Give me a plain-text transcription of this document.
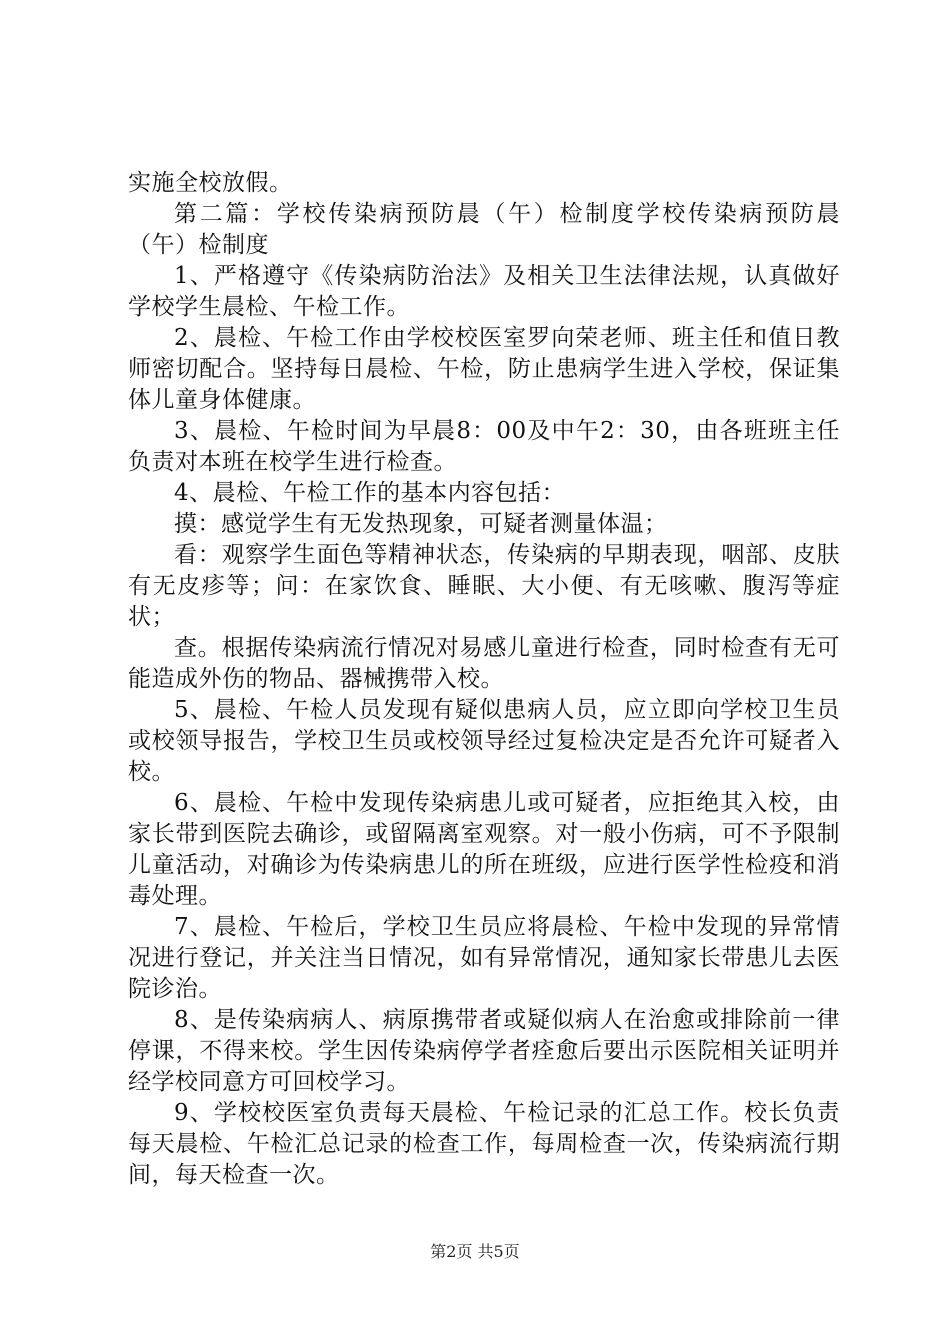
实施全校放假。

第二篇：学校传染病预防晨（午）检制度学校传染病预防晨（午）检制度

1、严格遵守《传染病防治法》及相关卫生法律法规，认真做好学校学生晨检、午检工作。

2、晨检、午检工作由学校校医室罗向荣老师、班主任和值日教师密切配合。坚持每日晨检、午检，防止患病学生进入学校，保证集体儿童身体健康。

3、晨检、午检时间为早晨8：00及中午2：30，由各班班主任负责对本班在校学生进行检查。

4、晨检、午检工作的基本内容包括：

摸：感觉学生有无发热现象，可疑者测量体温；

看：观察学生面色等精神状态，传染病的早期表现，咽部、皮肤有无皮疹等；问：在家饮食、睡眠、大小便、有无咳嗽、腹泻等症状；

查。根据传染病流行情况对易感儿童进行检查，同时检查有无可能造成外伤的物品、器械携带入校。

5、晨检、午检人员发现有疑似患病人员，应立即向学校卫生员或校领导报告，学校卫生员或校领导经过复检决定是否允许可疑者入校。

6、晨检、午检中发现传染病患儿或可疑者，应拒绝其入校，由家长带到医院去确诊，或留隔离室观察。对一般小伤病，可不予限制儿童活动，对确诊为传染病患儿的所在班级，应进行医学性检疫和消毒处理。

7、晨检、午检后，学校卫生员应将晨检、午检中发现的异常情况进行登记，并关注当日情况，如有异常情况，通知家长带患儿去医院诊治。

8、是传染病病人、病原携带者或疑似病人在治愈或排除前一律停课，不得来校。学生因传染病停学者痊愈后要出示医院相关证明并经学校同意方可回校学习。

9、学校校医室负责每天晨检、午检记录的汇总工作。校长负责每天晨检、午检汇总记录的检查工作，每周检查一次，传染病流行期间，每天检查一次。

第2页 共5页
